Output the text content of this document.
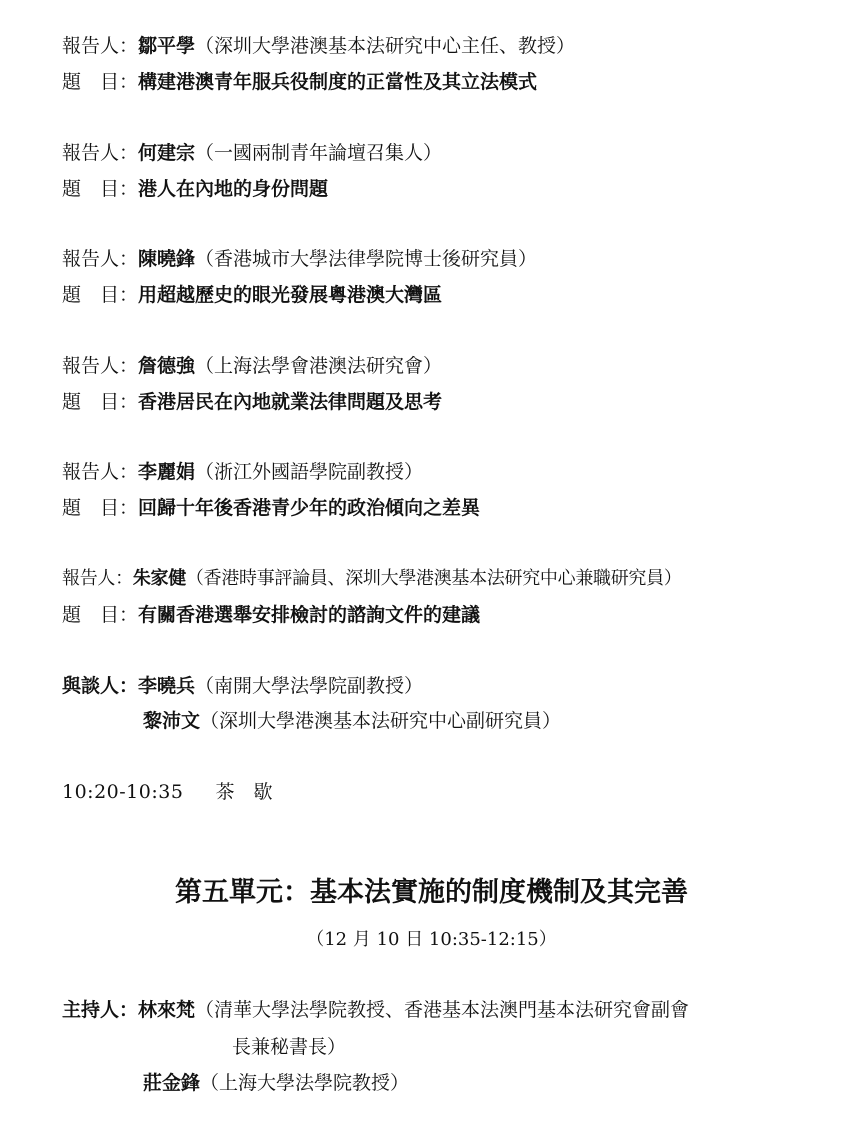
報告人：鄒平學（深圳大學港澳基本法研究中心主任、教授）
題　目：構建港澳青年服兵役制度的正當性及其立法模式
報告人：何建宗（一國兩制青年論壇召集人）
題　目：港人在內地的身份問題
報告人：陳曉鋒（香港城市大學法律學院博士後研究員）
題　目：用超越歷史的眼光發展粵港澳大灣區
報告人：詹德強（上海法學會港澳法研究會）
題　目：香港居民在內地就業法律問題及思考
報告人：李麗娟（浙江外國語學院副教授）
題　目：回歸十年後香港青少年的政治傾向之差異
報告人：朱家健（香港時事評論員、深圳大學港澳基本法研究中心兼職研究員）
題　目：有關香港選舉安排檢討的諮詢文件的建議
與談人：李曉兵（南開大學法學院副教授）
黎沛文（深圳大學港澳基本法研究中心副研究員）
10:20-10:35 茶　歇
第五單元：基本法實施的制度機制及其完善
（12 月 10 日 10:35-12:15）
主持人：林來梵（清華大學法學院教授、香港基本法澳門基本法研究會副會
長兼秘書長）
莊金鋒（上海大學法學院教授）
